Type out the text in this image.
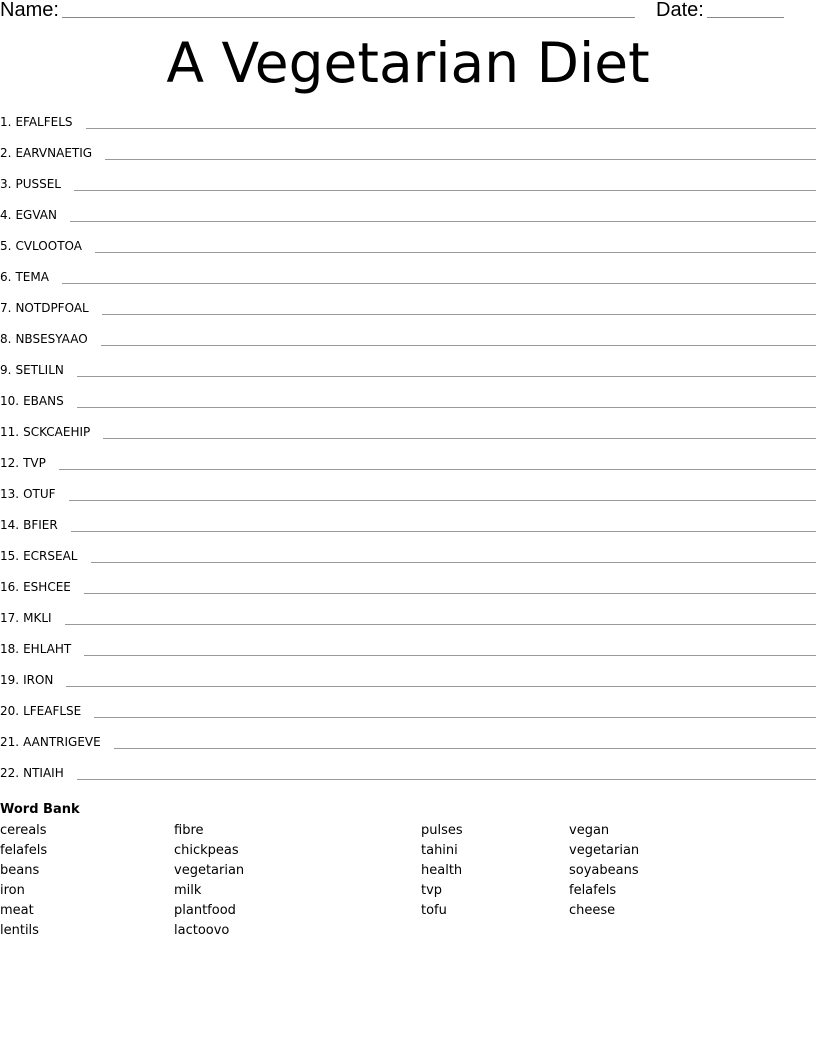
Name:	Date:
A Vegetarian Diet
1. EFALFELS
2. EARVNAETIG
3. PUSSEL
4. EGVAN
5. CVLOOTOA
6. TEMA
7. NOTDPFOAL
8. NBSESYAAO
9. SETLILN
10. EBANS
11. SCKCAEHIP
12. TVP
13. OTUF
14. BFIER
15. ECRSEAL
16. ESHCEE
17. MKLI
18. EHLAHT
19. IRON
20. LFEAFLSE
21. AANTRIGEVE
22. NTIAIH
Word Bank
cereals
felafels
beans
iron
meat
lentils
fibre
chickpeas
vegetarian
milk
plantfood
lactoovo
pulses
tahini
health
tvp
tofu
vegan
vegetarian
soyabeans
felafels
cheese
